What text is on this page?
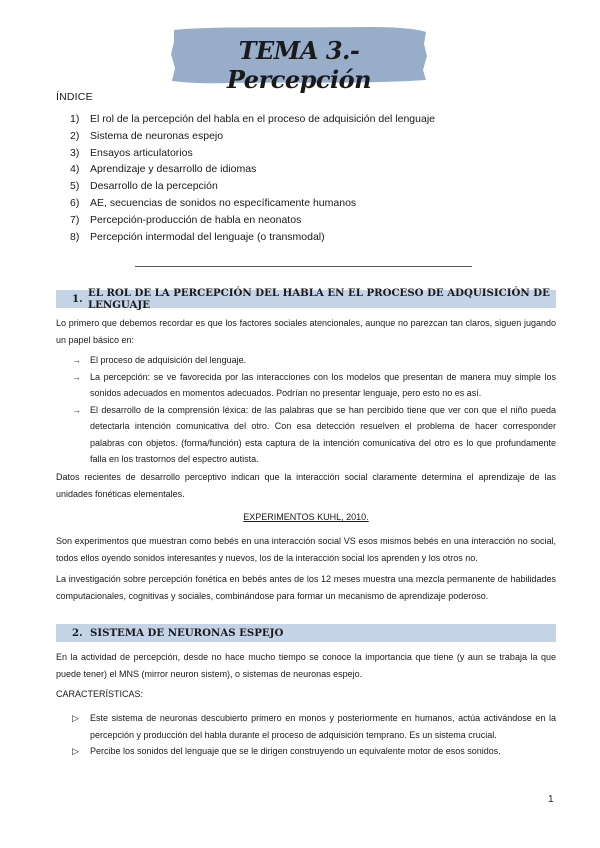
TEMA 3.-Percepción
ÍNDICE
1)	El rol de la percepción del habla en el proceso de adquisición del lenguaje
2)	Sistema de neuronas espejo
3)	Ensayos articulatorios
4)	Aprendizaje y desarrollo de idiomas
5)	Desarrollo de la percepción
6)	AE, secuencias de sonidos no específicamente humanos
7)	Percepción-producción de habla en neonatos
8)	Percepción intermodal del lenguaje (o transmodal)
1. EL ROL DE LA PERCEPCIÓN DEL HABLA EN EL PROCESO DE ADQUISICIÓN DE LENGUAJE

Lo primero que debemos recordar es que los factores sociales atencionales, aunque no parezcan tan claros, siguen jugando un papel básico en:

→ El proceso de adquisición del lenguaje.
→ La percepción: se ve favorecida por las interacciones con los modelos que presentan de manera muy simple los sonidos adecuados en momentos adecuados. Podrían no presentar lenguaje, pero esto no es así.
→ El desarrollo de la comprensión léxica: de las palabras que se han percibido tiene que ver con que el niño pueda detectarla intención comunicativa del otro. Con esa detección resuelven el problema de hacer corresponder palabras con objetos. (forma/función) esta captura de la intención comunicativa del otro es lo que profundamente falla en los trastornos del espectro autista.

Datos recientes de desarrollo perceptivo indican que la interacción social claramente determina el aprendizaje de las unidades fonéticas elementales.

EXPERIMENTOS KUHL, 2010.

Son experimentos que muestran como bebés en una interacción social VS esos mismos bebés en una interacción no social, todos ellos oyendo sonidos interesantes y nuevos, los de la interacción social los aprenden y los otros no.

La investigación sobre percepción fonética en bebés antes de los 12 meses muestra una mezcla permanente de habilidades computacionales, cognitivas y sociales, combinándose para formar un mecanismo de aprendizaje poderoso.

2. SISTEMA DE NEURONAS ESPEJO

En la actividad de percepción, desde no hace mucho tiempo se conoce la importancia que tiene (y aun se trabaja la que puede tener) el MNS (mirror neuron sistem), o sistemas de neuronas espejo.

CARACTERÍSTICAS:

▷ Este sistema de neuronas descubierto primero en monos y posteriormente en humanos, actúa activándose en la percepción y producción del habla durante el proceso de adquisición temprano. Es un sistema crucial.
▷ Percibe los sonidos del lenguaje que se le dirigen construyendo un equivalente motor de esos sonidos.
1
